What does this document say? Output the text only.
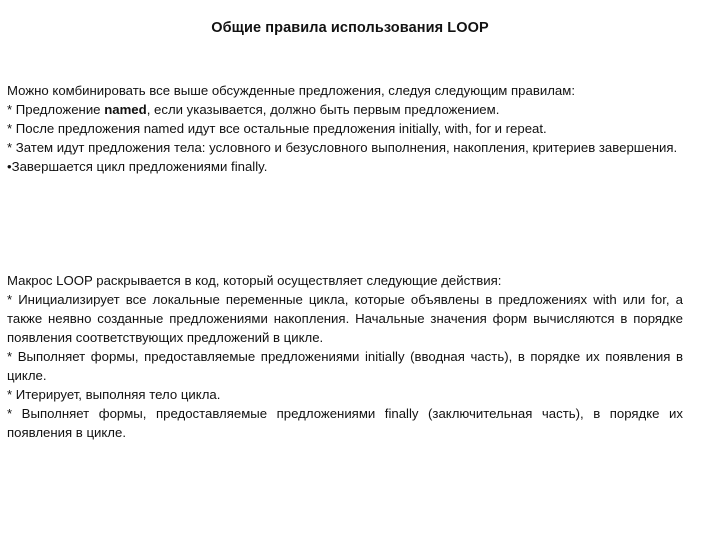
Общие правила использования LOOP

Можно комбинировать все выше обсужденные предложения, следуя следующим правилам:

* Предложение named, если указывается, должно быть первым предложением.

* После предложения named идут все остальные предложения initially, with, for и repeat.

* Затем идут предложения тела: условного и безусловного выполнения, накопления, критериев завершения.

•Завершается цикл предложениями finally.

Макрос LOOP раскрывается в код, который осуществляет следующие действия:

* Инициализирует все локальные переменные цикла, которые объявлены в предложениях with или for, а также неявно созданные предложениями накопления. Начальные значения форм вычисляются в порядке появления соответствующих предложений в цикле.

* Выполняет формы, предоставляемые предложениями initially (вводная часть), в порядке их появления в цикле.

* Итерирует, выполняя тело цикла.

* Выполняет формы, предоставляемые предложениями finally (заключительная часть), в порядке их появления в цикле.
